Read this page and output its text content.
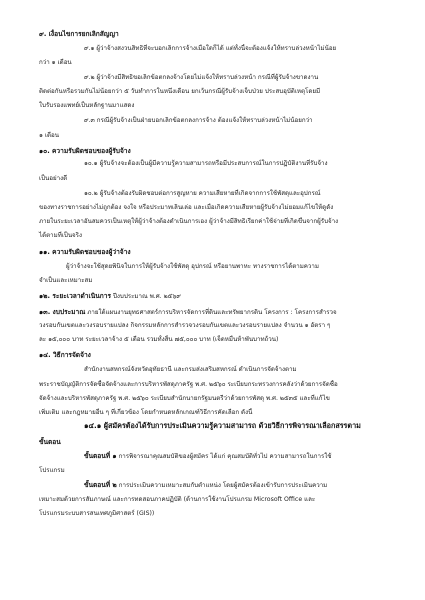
๙. เงื่อนไขการยกเลิกสัญญา
๙.๑ ผู้ว่าจ้างสงวนสิทธิที่จะบอกเลิกการจ้างเมื่อใดก็ได้ แต่ทั้งนี้จะต้องแจ้งให้ทราบล่วงหน้าไม่น้อย
กว่า ๑ เดือน
๙.๒ ผู้ว่าจ้างมีสิทธิขอเลิกข้อตกลงจ้างโดยไม่แจ้งให้ทราบล่วงหน้า กรณีที่ผู้รับจ้างขาดงาน
ติดต่อกันหรือรวมกันไม่น้อยกว่า ๕ วันทำการในหนึ่งเดือน ยกเว้นกรณีผู้รับจ้างเจ็บป่วย ประสบอุบัติเหตุโดยมี
ใบรับรองแพทย์เป็นหลักฐานมาแสดง
๙.๓ กรณีผู้รับจ้างเป็นฝ่ายบอกเลิกข้อตกลงการจ้าง ต้องแจ้งให้ทราบล่วงหน้าไม่น้อยกว่า
๑ เดือน
๑๐. ความรับผิดชอบของผู้รับจ้าง
๑๐.๑ ผู้รับจ้างจะต้องเป็นผู้มีความรู้ความสามารถหรือมีประสบการณ์ในการปฏิบัติงานที่รับจ้าง
เป็นอย่างดี
๑๐.๒ ผู้รับจ้างต้องรับผิดชอบต่อการสูญหาย ความเสียหายที่เกิดจากการใช้พัสดุและอุปกรณ์
ของทางราชการอย่างไม่ถูกต้อง จงใจ หรือประมาทเลินเล่อ และเมื่อเกิดความเสียหายผู้รับจ้างไม่ยอมแก้ไขให้ดูดัง
ภายในระยะเวลาอันสมควรเป็นเหตุให้ผู้ว่าจ้างต้องดำเนินการเอง ผู้ว่าจ้างมีสิทธิเรียกค่าใช้จ่ายที่เกิดขึ้นจากผู้รับจ้าง
ได้ตามที่เป็นจริง
๑๑. ความรับผิดชอบของผู้ว่าจ้าง
ผู้ว่าจ้างจะใช้สุดยพินิจในการให้ผู้รับจ้างใช้พัสดุ อุปกรณ์ หรือยานพาหะ ทางราชการได้ตามความ
จำเป็นและเหมาะสม
๑๒. ระยะเวลาดำเนินการ ปีงบประมาณ พ.ศ. ๒๕๖๙
๑๓. งบประมาณ ภายใต้แผนงานยุทธศาสตร์การบริหารจัดการที่ดินและทรัพยากรดิน โครงการ : โครงการสำรวจ
วงรอบกันเขตและวงรอบรายแปลง กิจกรรมหลักการสำรวจวงรอบกันเขตและวงรอบรายแปลง จำนวน ๑ อัตรา ๆ
ละ ๑๕,๐๐๐ บาท ระยะเวลาจ้าง ๕ เดือน รวมทั้งสิ้น ๗๕,๐๐๐ บาท (เจ็ดหมื่นห้าพันบาทถ้วน)
๑๔. วิธีการจัดจ้าง
สำนักงานสหกรณ์จังหวัดอุทัยธานี และกรมส่งเสริมสหกรณ์ ดำเนินการจัดจ้างตาม
พระราชบัญญัติการจัดซื้อจัดจ้างและการบริหารพัสดุภาครัฐ พ.ศ. ๒๕๖๐ ระเบียบกระทรวงการคลังว่าด้วยการจัดซื้อ
จัดจ้างและบริหารพัสดุภาครัฐ พ.ศ. ๒๕๖๐ ระเบียบสำนักนายกรัฐมนตรีว่าด้วยการพัสดุ พ.ศ. ๒๕๓๕ และที่แก้ไข
เพิ่มเติม และกฎหมายอื่น ๆ ที่เกี่ยวข้อง โดยกำหนดหลักเกณฑ์วิธีการคัดเลือก ดังนี้
๑๔.๑ ผู้สมัครต้องได้รับการประเมินความรู้ความสามารถ ด้วยวิธีการพิจารณาเลือกสรรตาม
ขั้นตอน
ขั้นตอนที่ ๑ การพิจารณาคุณสมบัติของผู้สมัคร ได้แก่ คุณสมบัติทั่วไป ความสามารถในการใช้
โปรแกรม
ขั้นตอนที่ ๒ การประเมินความเหมาะสมกับตำแหน่ง โดยผู้สมัครต้องเข้ารับการประเมินความ
เหมาะสมด้วยการสัมภาษณ์ และการทดสอบภาคปฏิบัติ (ด้านการใช้งานโปรแกรม Microsoft Office และ
โปรแกรมระบบสารสนเทศภูมิศาสตร์ (GIS))
